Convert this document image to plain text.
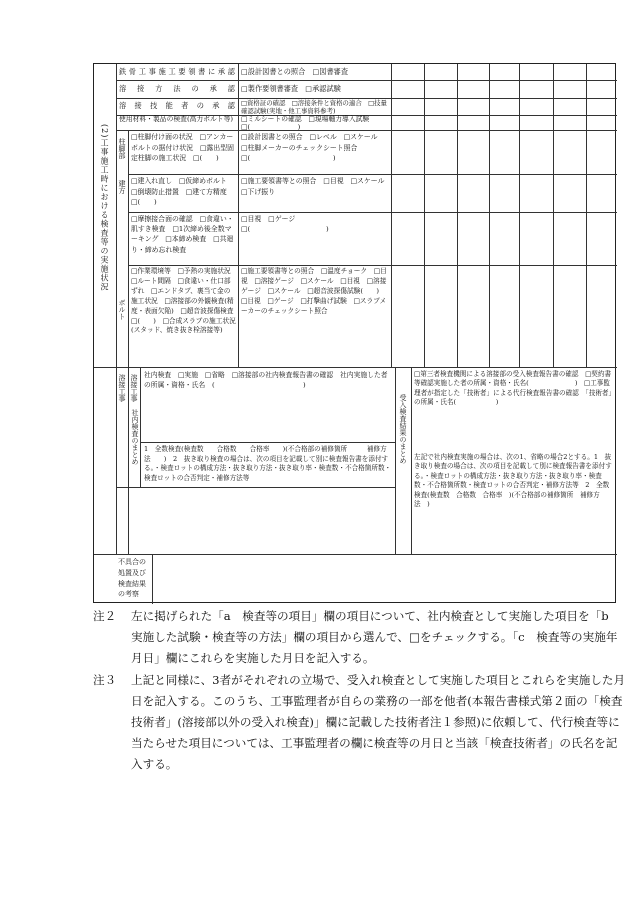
(2)工事施工時における検査等の実施状況 柱脚部
建方
ボルト
溶接工事 溶接工事
社内検査のまとめ	受入検査結果のまとめ
鉄骨工事施工要領書に承認 □設計図書との照合　□図書審査
溶接方法の承認 □製作要領書審査　□承認試験
溶接技能者の承認 □資格証の確認　□溶接条件と資格の適合　□技量確認試験(実地・他工事資料参考)
使用材料・製品の検査(高力ボルト等)	□ミルシートの確認　□現場軸力導入試験　□(　　　　　　　)
□柱脚付け面の状況　□アンカーボルトの据付け状況　□露出型固定柱脚の施工状況　□(　　)
□設計図書との照合　□レベル　□スケール　□柱脚メーカーのチェックシート照合　□(　　　　　　　　　　　　)
□建入れ直し　□仮締めボルト　□倒壊防止措置　□建て方精度　□(　　)
□施工要領書等との照合　□目視　□スケール　□下げ振り
□摩擦接合面の確認　□食違い・肌すき検査　□1次締め後全数マーキング　□本締め検査　□共廻り・締め忘れ検査
□目視　□ゲージ　□(　　　　　　　　　　　)
□作業環境等　□予熱の実施状況　□ルート間隔　□食違い・仕口部ずれ　□エンドタブ、裏当て金の施工状況　□溶接部の外観検査(精度・表面欠陥)　□超音波探傷検査　□(　　)　□合成スラブの施工状況(スタッド、焼き抜き栓溶接等)
□施工要領書等との照合　□温度チョーク　□目視　□溶接ゲージ　□スケール　□目視　□溶接ゲージ　□スケール　□超音波探傷試験(　　)　□目視　□ゲージ　□打撃曲げ試験　□スラブメーカーのチェックシート照合
社内検査　□実施　□省略　□溶接部の社内検査報告書の確認　社内実施した者の所属・資格・氏名　(　　　　　　　　　　　　　)
1　全数検査(検査数　　合格数　　合格率　　)(不合格部の補修箇所　　　補修方法　　)　2　抜き取り検査の場合は、次の項目を記載して別に検査報告書を添付する。・検査ロットの構成方法・抜き取り方法・抜き取り率・検査数・不合格箇所数・検査ロットの合否判定・補修方法等
□第三者検査機関による溶接部の受入検査報告書の確認　□契約書等確認実施した者の所属・資格・氏名(　　　　　　　)　□工事監理者が指定した「技術者」による代行検査報告書の確認　「技術者」の所属・氏名(　　　　　　)
左記で社内検査実施の場合は、次の1、省略の場合2とする。1　抜き取り検査の場合は、次の項目を記載して別に検査報告書を添付する。・検査ロットの構成方法・抜き取り方法・抜き取り率・検査数・不合格箇所数・検査ロットの合否判定・補修方法等　2　全数検査(検査数　合格数　合格率　)(不合格部の補修箇所　補修方法　)
不具合の処置及び検査結果の考察
注２ 左に掲げられた「a　検査等の項目」欄の項目について、社内検査として実施した項目を「b　実施した試験・検査等の方法」欄の項目から選んで、□をチェックする。「c　検査等の実施年月日」欄にこれらを実施した月日を記入する。
注３ 上記と同様に、3者がそれぞれの立場で、受入れ検査として実施した項目とこれらを実施した月日を記入する。このうち、工事監理者が自らの業務の一部を他者(本報告書様式第２面の「検査技術者」(溶接部以外の受入れ検査)」欄に記載した技術者注１参照)に依頼して、代行検査等に当たらせた項目については、工事監理者の欄に検査等の月日と当該「検査技術者」の氏名を記入する。
